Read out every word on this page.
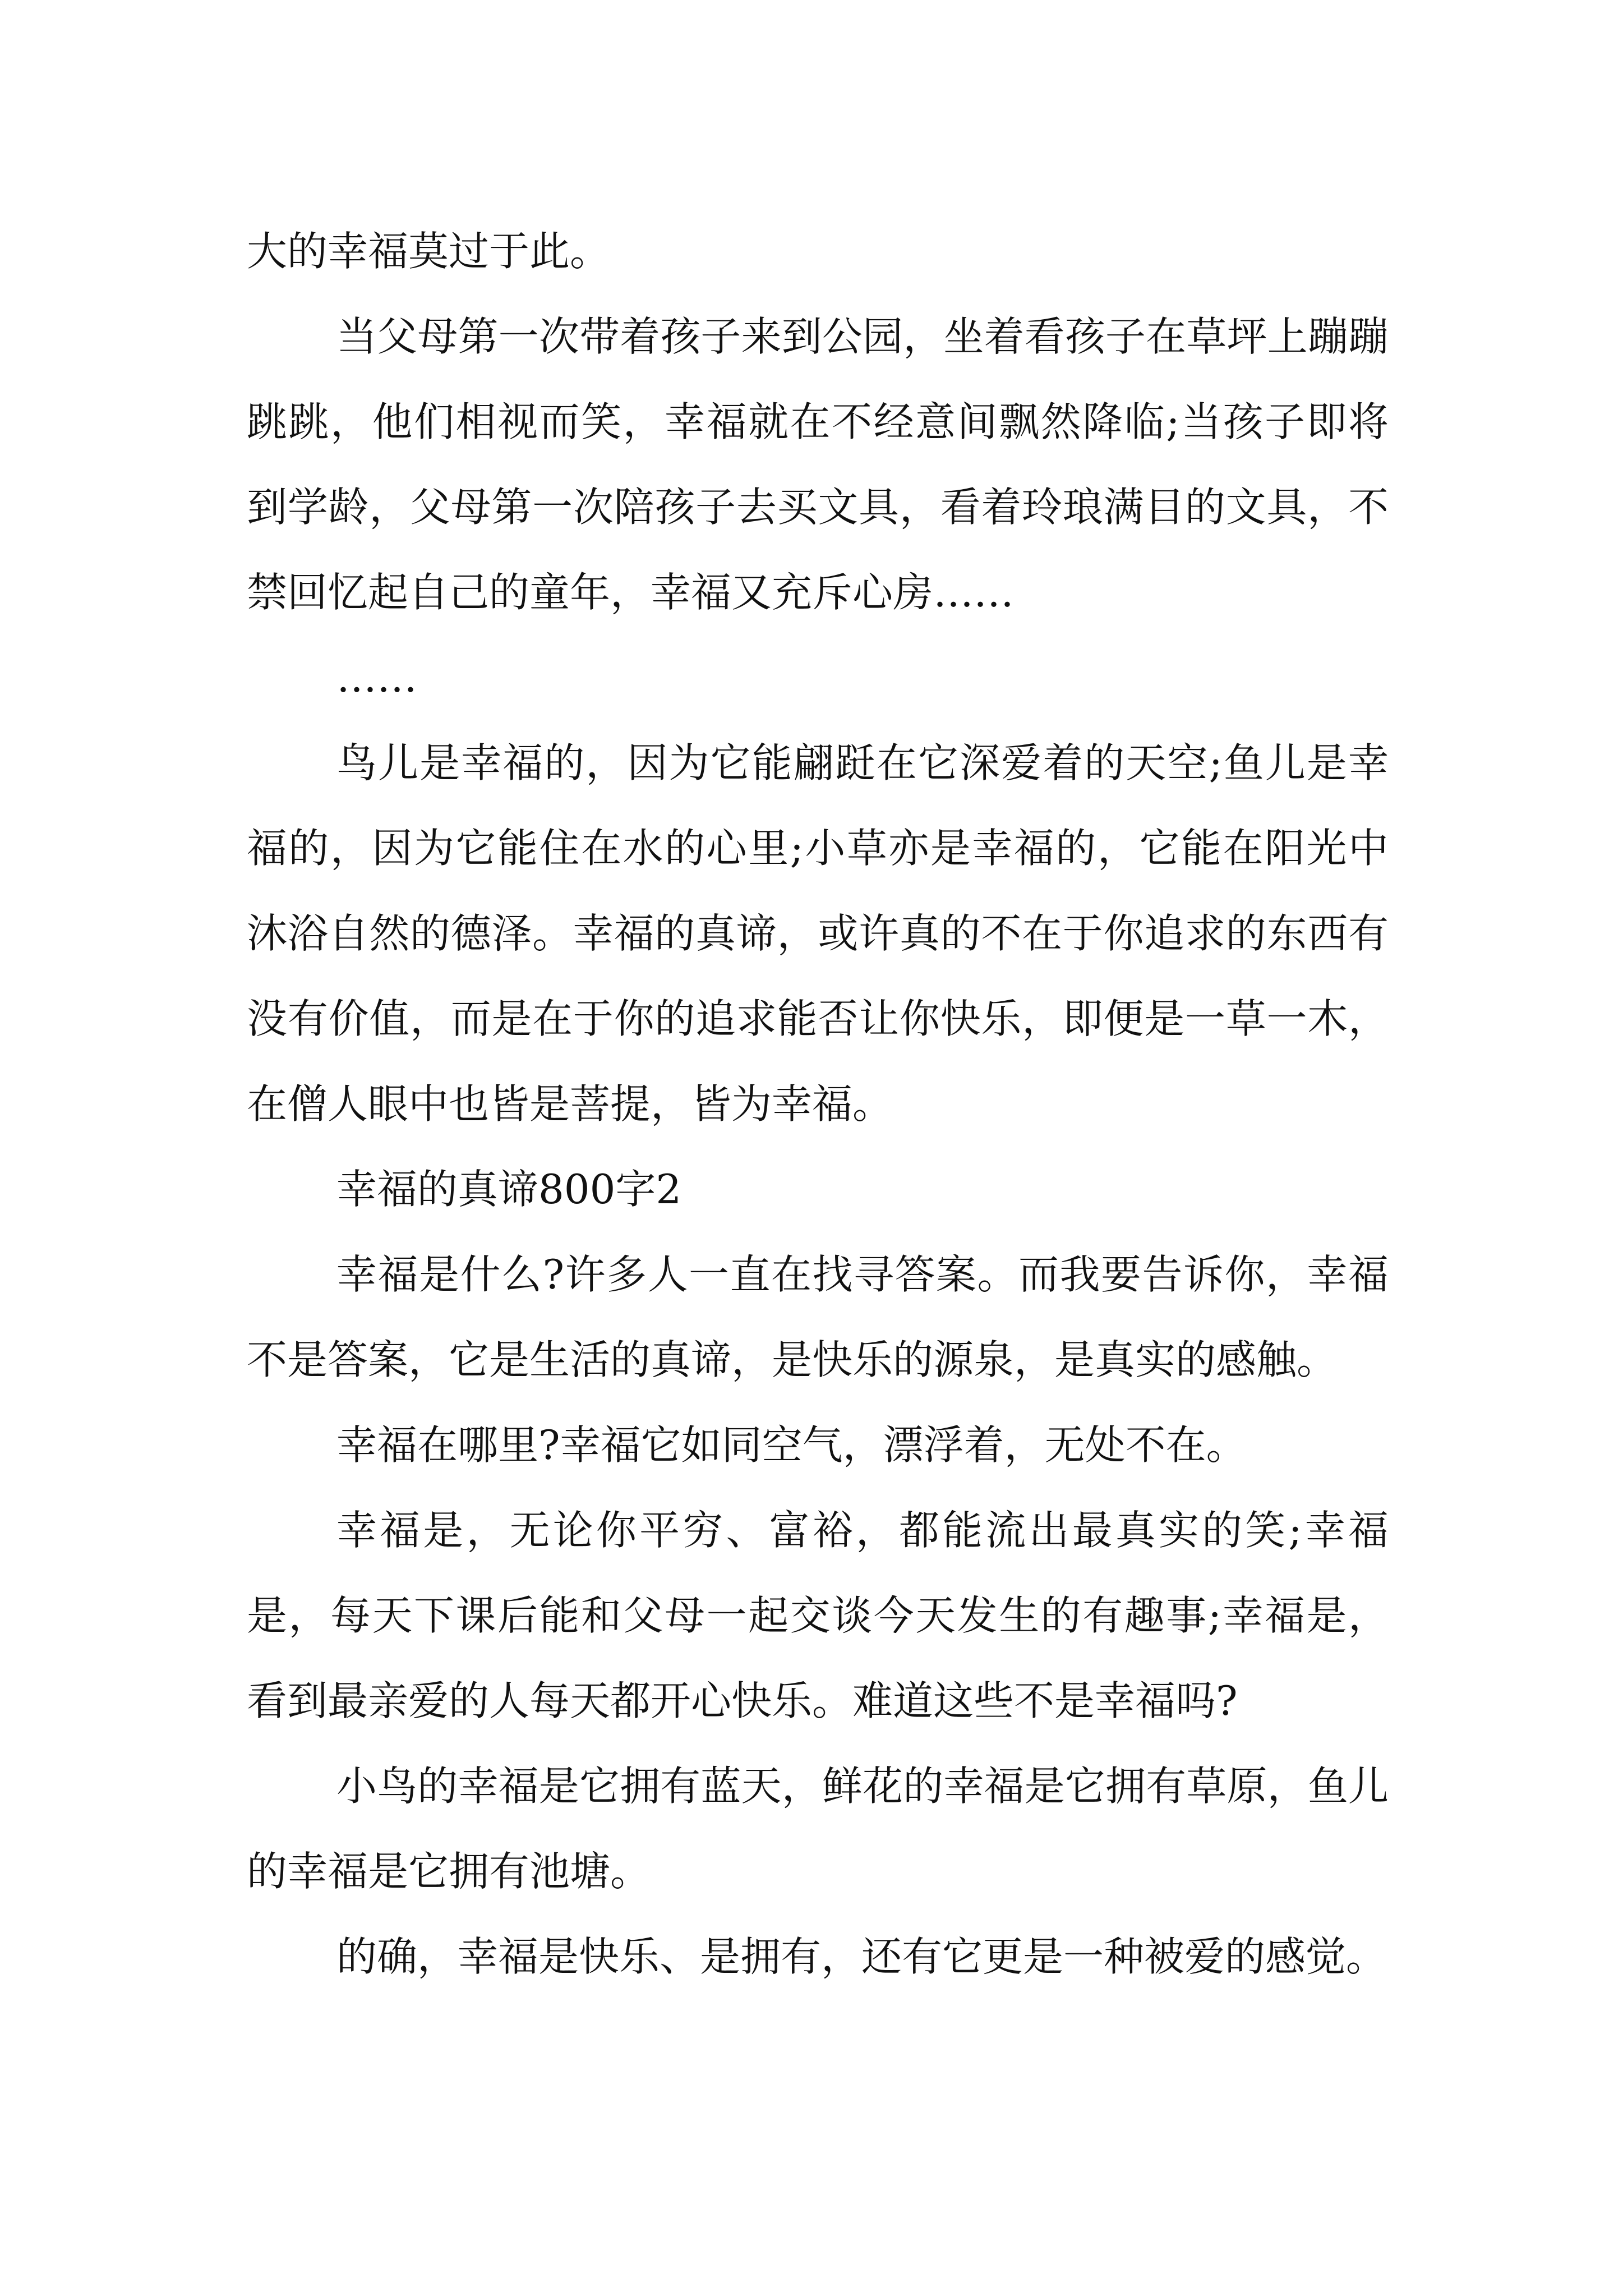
大的幸福莫过于此。

当父母第一次带着孩子来到公园，坐着看孩子在草坪上蹦蹦跳跳，他们相视而笑，幸福就在不经意间飘然降临;当孩子即将到学龄，父母第一次陪孩子去买文具，看着玲琅满目的文具，不禁回忆起自己的童年，幸福又充斥心房……

……

鸟儿是幸福的，因为它能翩跹在它深爱着的天空;鱼儿是幸福的，因为它能住在水的心里;小草亦是幸福的，它能在阳光中沐浴自然的德泽。幸福的真谛，或许真的不在于你追求的东西有没有价值，而是在于你的追求能否让你快乐，即便是一草一木，在僧人眼中也皆是菩提，皆为幸福。

幸福的真谛800字2

幸福是什么?许多人一直在找寻答案。而我要告诉你，幸福不是答案，它是生活的真谛，是快乐的源泉，是真实的感触。

幸福在哪里?幸福它如同空气，漂浮着，无处不在。

幸福是，无论你平穷、富裕，都能流出最真实的笑;幸福是，每天下课后能和父母一起交谈今天发生的有趣事;幸福是，看到最亲爱的人每天都开心快乐。难道这些不是幸福吗?

小鸟的幸福是它拥有蓝天，鲜花的幸福是它拥有草原，鱼儿的幸福是它拥有池塘。

的确，幸福是快乐、是拥有，还有它更是一种被爱的感觉。
